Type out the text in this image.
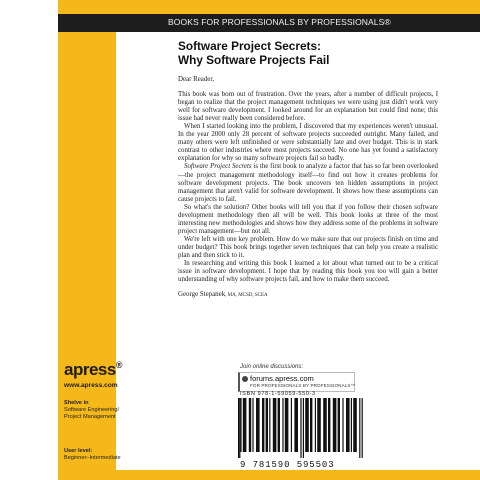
BOOKS FOR PROFESSIONALS BY PROFESSIONALS®
Software Project Secrets:
Why Software Projects Fail

Dear Reader,

This book was born out of frustration. Over the years, after a number of difficult projects, I began to realize that the project management techniques we were using just didn't work very well for software development. I looked around for an explanation but could find none; this issue had never really been considered before.

When I started looking into the problem, I discovered that my experiences weren't unusual. In the year 2000 only 28 percent of software projects succeeded outright. Many failed, and many others were left unfinished or were substantially late and over budget. This is in stark contrast to other industries where most projects succeed. No one has yet found a satisfactory explanation for why so many software projects fail so badly.

Software Project Secrets is the first book to analyze a factor that has so far been overlooked—the project management methodology itself—to find out how it creates problems for software development projects. The book uncovers ten hidden assumptions in project management that aren't valid for software development. It shows how these assumptions can cause projects to fail.

So what's the solution? Other books will tell you that if you follow their chosen software development methodology then all will be well. This book looks at three of the most interesting new methodologies and shows how they address some of the problems in software project management—but not all.

We're left with one key problem. How do we make sure that our projects finish on time and under budget? This book brings together seven techniques that can help you create a realistic plan and then stick to it.

In researching and writing this book I learned a lot about what turned out to be a critical issue in software development. I hope that by reading this book you too will gain a better understanding of why software projects fail, and how to make them succeed.

George Stepanek, MA, MCSD, SCEA

Join online discussions:
forums.apress.com
FOR PROFESSIONALS BY PROFESSIONALS™
apress®
www.apress.com
Shelve in
Software Engineering/
Project Management
User level:
Beginner–Intermediate
ISBN 978-1-59059-550-3
9 781590 595503
